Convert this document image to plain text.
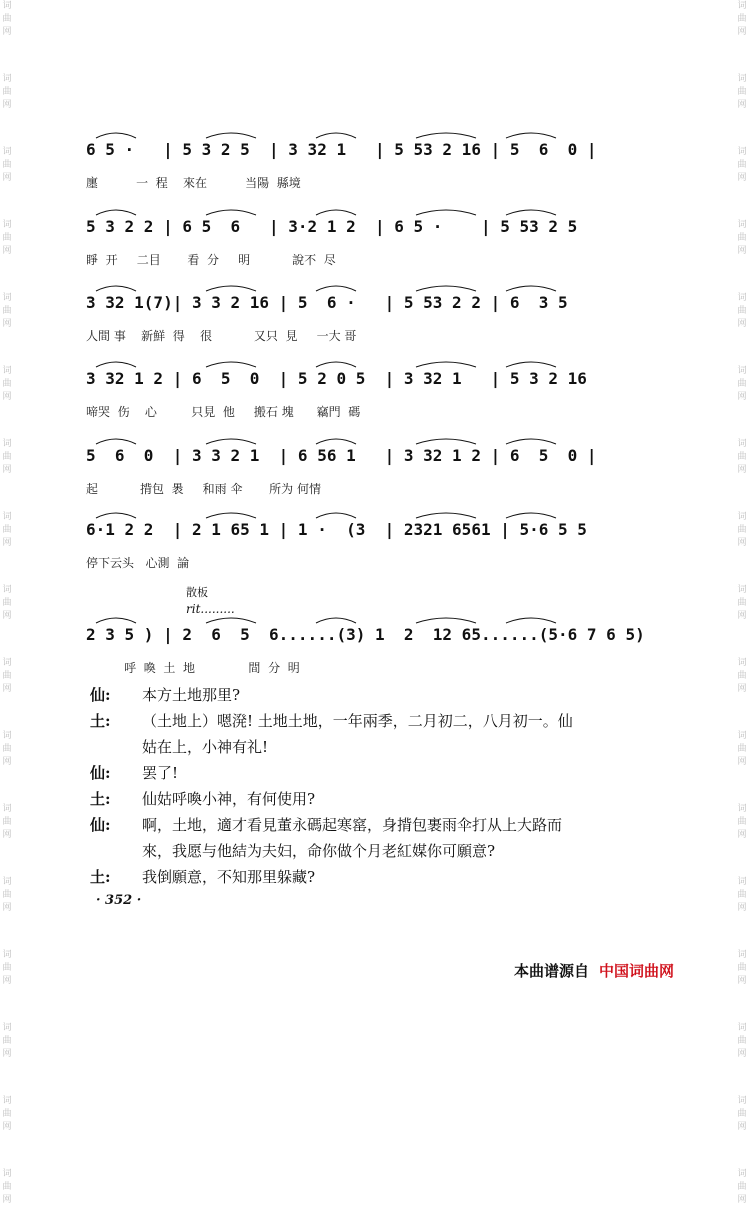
词
曲
网
词
曲
网
词
曲
网
词
曲
网
词
曲
网
词
曲
网
词
曲
网
词
曲
网
词
曲
网
词
曲
网
词
曲
网
词
曲
网
词
曲
网
词
曲
网
词
曲
网
词
曲
网
词
曲
网
词
曲
网
词
曲
网
词
曲
网
词
曲
网
词
曲
网
词
曲
网
词
曲
网
词
曲
网
词
曲
网
词
曲
网
词
曲
网
词
曲
网
词
曲
网
词
曲
网
词
曲
网
词
曲
网
词
曲
网
散板
rit.........
6 5 ·   | 5 3 2 5  | 3 32 1   | 5 53 2 16 | 5  6  0 |
廛          一  程    來在          当陽  縣境
5 3 2 2 | 6 5  6   | 3·2 1 2  | 6 5 ·    | 5 53 2 5
睜  开     二目       看  分     明           說不  尽
3 32 1(7)| 3 3 2 16 | 5  6 ·   | 5 53 2 2 | 6  3 5
人間 事    新鮮  得    很           又只  見     一大 哥
3 32 1 2 | 6  5  0  | 5 2 0 5  | 3 32 1   | 5 3 2 16
啼哭  伤    心         只見  他     搬石 塊      竊門  碼
5  6  0  | 3 3 2 1  | 6 56 1   | 3 32 1 2 | 6  5  0 |
起           揹包  褁     和雨 伞       所为 何情
6·1 2 2  | 2 1 65 1 | 1 ·  (3  | 2321 6561 | 5·6 5 5
停下云头   心測  論
2 3 5 ) | 2  6  5  6......(3) 1  2  12 65......(5·6 7 6 5)
呼  喚  土  地              間  分  明
仙:	本方土地那里?
土:	（土地上）嗯溌! 土地土地，一年兩季，二月初二，八月初一。仙
姑在上，小神有礼!
仙:	罢了!
土:	仙姑呼喚小神，有何使用?
仙:	啊，土地，適才看見董永碼起寒窰，身揹包裹雨伞打从上大路而
來，我愿与他結为夫妇，命你做个月老紅媒你可願意?
土:	我倒願意，不知那里躲藏?
· 352 ·
本曲谱源自 中国词曲网
